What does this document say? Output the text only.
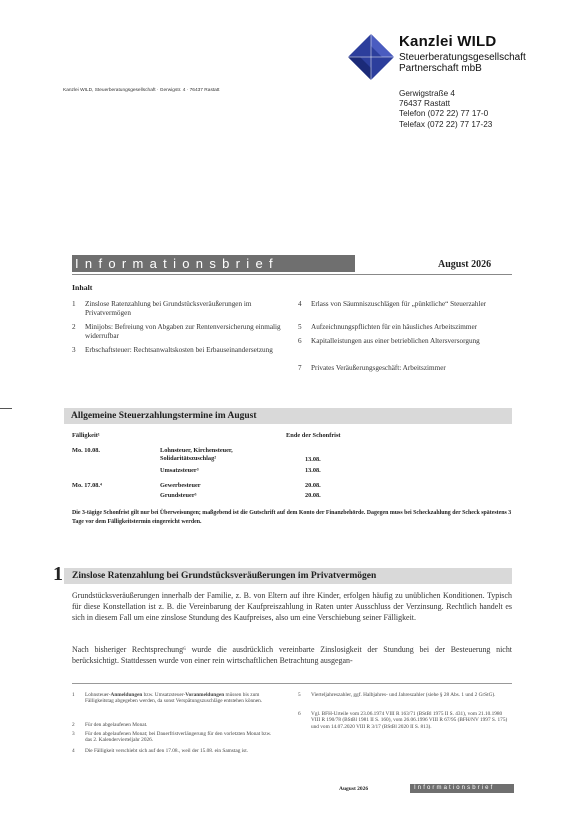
Kanzlei WILD
Steuerberatungsgesellschaft
Partnerschaft mbB
Kanzlei WILD, Steuerberatungsgesellschaft · Gerwigstr. 4 · 76437 Rastatt	Gerwigstraße 4
76437 Rastatt
Telefon (072 22) 77 17-0
Telefax (072 22) 77 17-23
Informationsbrief	August 2026
Inhalt
1	Zinslose Ratenzahlung bei Grundstücksveräußerungen im Privatvermögen
2	Minijobs: Befreiung von Abgaben zur Rentenversicherung einmalig widerrufbar
3	Erbschaftsteuer: Rechtsanwaltskosten bei Erbauseinandersetzung
4	Erlass von Säumniszuschlägen für „pünktliche“ Steuerzahler
5	Aufzeichnungspflichten für ein häusliches Arbeitszimmer
6	Kapitalleistungen aus einer betrieblichen Altersversorgung
7	Privates Veräußerungsgeschäft: Arbeitszimmer
Allgemeine Steuerzahlungstermine im August
Fälligkeit¹	Ende der Schonfrist
Mo. 10.08.	Lohnsteuer, Kirchensteuer,
Solidaritätszuschlag²	13.08.
Umsatzsteuer³	13.08.
Mo. 17.08.⁴	Gewerbesteuer	20.08.
Grundsteuer⁵	20.08.
Die 3-tägige Schonfrist gilt nur bei Überweisungen; maßgebend ist die Gutschrift auf dem Konto der Finanzbehörde. Dagegen muss bei Scheckzahlung der Scheck spätestens 3 Tage vor dem Fälligkeitstermin eingereicht werden.
1 Zinslose Ratenzahlung bei Grundstücksveräußerungen im Privatvermögen
Grundstücksveräußerungen innerhalb der Familie, z. B. von Eltern auf ihre Kinder, erfolgen häufig zu unüblichen Konditionen. Typisch für diese Konstellation ist z. B. die Vereinbarung der Kaufpreiszahlung in Raten unter Ausschluss der Verzinsung. Rechtlich handelt es sich in diesem Fall um eine zinslose Stundung des Kaufpreises, also um eine Verschiebung seiner Fälligkeit.
Nach bisheriger Rechtsprechung⁶ wurde die ausdrücklich vereinbarte Zinslosigkeit der Stundung bei der Besteuerung nicht berücksichtigt. Stattdessen wurde von einer rein wirtschaftlichen Betrachtung ausgegan-
1	Lohnsteuer-Anmeldungen bzw. Umsatzsteuer-Voranmeldungen müssen bis zum Fälligkeitstag abgegeben werden, da sonst Verspätungszuschläge entstehen können.
2	Für den abgelaufenen Monat.
3	Für den abgelaufenen Monat; bei Dauerfristverlängerung für den vorletzten Monat bzw. das 2. Kalendervierteljahr 2026.
4	Die Fälligkeit verschiebt sich auf den 17.08., weil der 15.08. ein Samstag ist.
5	Vierteljahreszahler, ggf. Halbjahres- und Jahreszahler (siehe § 28 Abs. 1 und 2 GrStG).
6	Vgl. BFH-Urteile vom 23.06.1974 VIII R 163/71 (BStBl 1975 II S. 431), vom 21.10.1980 VIII R 190/78 (BStBl 1981 II S. 160), vom 26.06.1996 VIII R 67/95 (BFH/NV 1997 S. 175) und vom 14.07.2020 VIII R 3/17 (BStBl 2020 II S. 813).
August 2026	Informationsbrief
